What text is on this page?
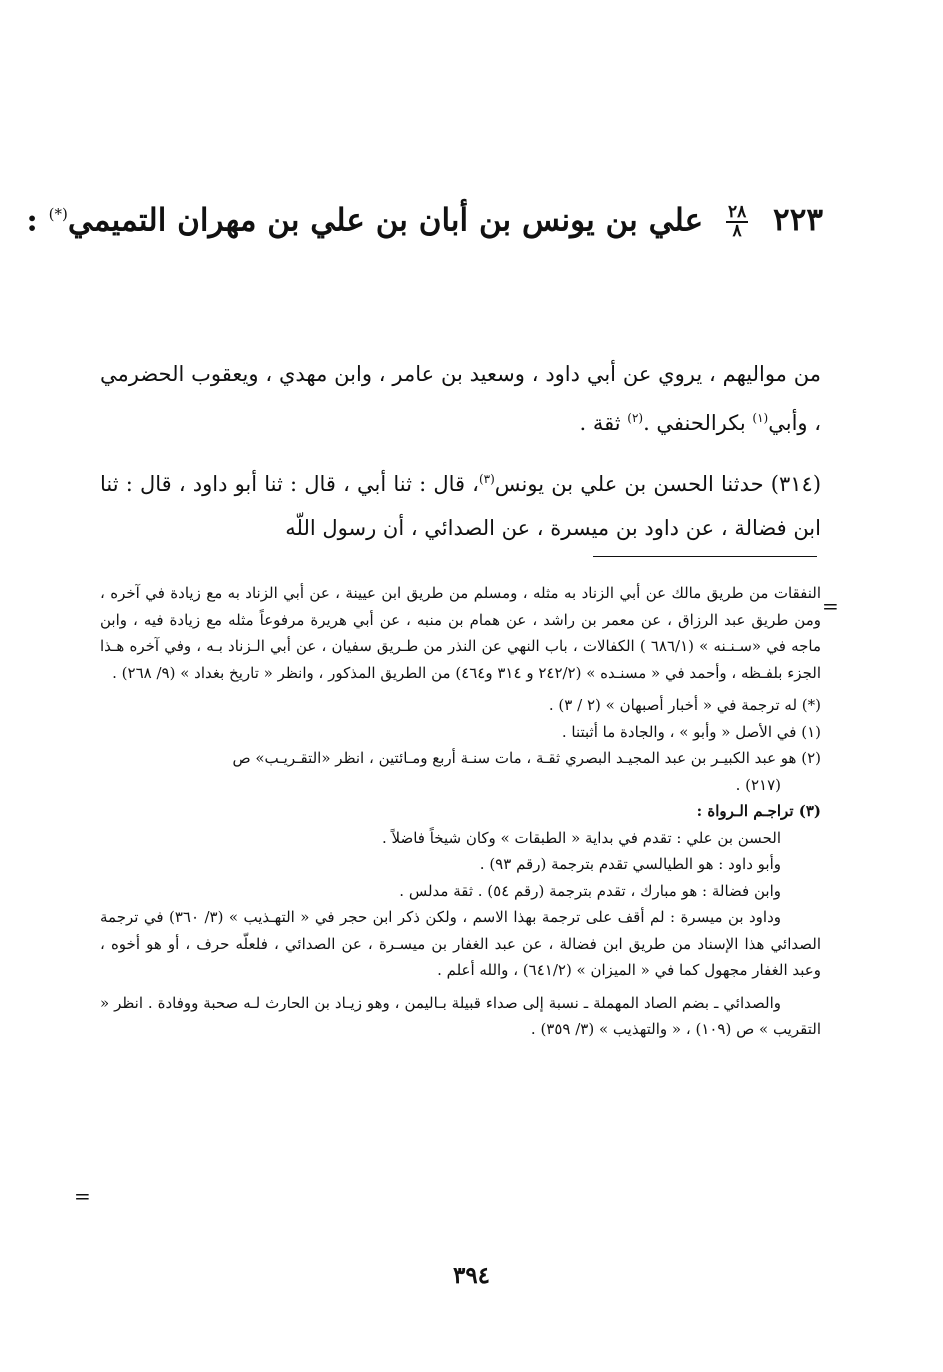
٢٢٣
$\frac{٢٨}{٨}$
علي بن يونس بن أبان بن علي بن مهران التميمي(*) :

من مواليهم ، يروي عن أبي داود ، وسعيد بن عامر ، وابن مهدي ، ويعقوب الحضرمي ، وأبي$^{(١)}$ بكرالحنفي .$^{(٢)}$ ثقة .

(٣١٤) حدثنا الحسن بن علي بن يونس$^{(٣)}$، قال : ثنا أبي ، قال : ثنا أبو داود ، قال : ثنا ابن فضالة ، عن داود بن ميسرة ، عن الصدائي ، أن رسول اللّه

=
النفقات من طريق مالك عن أبي الزناد به مثله ، ومسلم من طريق ابن عيينة ، عن أبي الزناد به مع زيادة في آخره ، ومن طريق عبد الرزاق ، عن معمر بن راشد ، عن همام بن منبه ، عن أبي هريرة مرفوعاً مثله مع زيادة فيه ، وابن ماجه في «سـنـنه » (٦٨٦/١ ) الكفالات ، باب النهي عن النذر من طـريق سفيان ، عن أبي الـزناد بـه ، وفي آخره هـذا الجزء بلفـظه ، وأحمد في « مسنـده » (٢٤٢/٢ و ٣١٤ و٤٦٤) من الطريق المذكور ، وانظر « تاريخ بغداد » (٩/ ٢٦٨) .
(*) له ترجمة في « أخبار أصبهان » (٢ / ٣) .
(١) في الأصل « وأبو » ، والجادة ما أثبتنا .
(٢) هو عبد الكبيـر بن عبد المجيـد البصري ثقـة ، مات سنـة أربع ومـائتين ، انظر «التقـريـب» ص
(٢١٧) .
(٣) تراجـم الـرواة :
الحسن بن علي : تقدم في بداية « الطبقات » وكان شيخاً فاضلاً .
وأبو داود : هو الطيالسي تقدم بترجمة (رقم ٩٣) .
وابن فضالة : هو مبارك ، تقدم بترجمة (رقم ٥٤) . ثقة مدلس .
وداود بن ميسرة : لم أقف على ترجمة بهذا الاسم ، ولكن ذكر ابن حجر في « التهـذيب » (٣/ ٣٦٠) في ترجمة الصدائي هذا الإسناد من طريق ابن فضالة ، عن عبد الغفار بن ميسـرة ، عن الصدائي ، فلعلّه حرف ، أو هو أخوه ، وعبد الغفار مجهول كما في « الميزان » (٦٤١/٢) ، والله أعلم .
والصدائي ـ بضم الصاد المهملة ـ نسبة إلى صداء قبيلة بـاليمن ، وهو زيـاد بن الحارث لـه صحبة ووفادة . انظر « التقريب » ص (١٠٩) ، « والتهذيب » (٣/ ٣٥٩) .
=
٣٩٤
